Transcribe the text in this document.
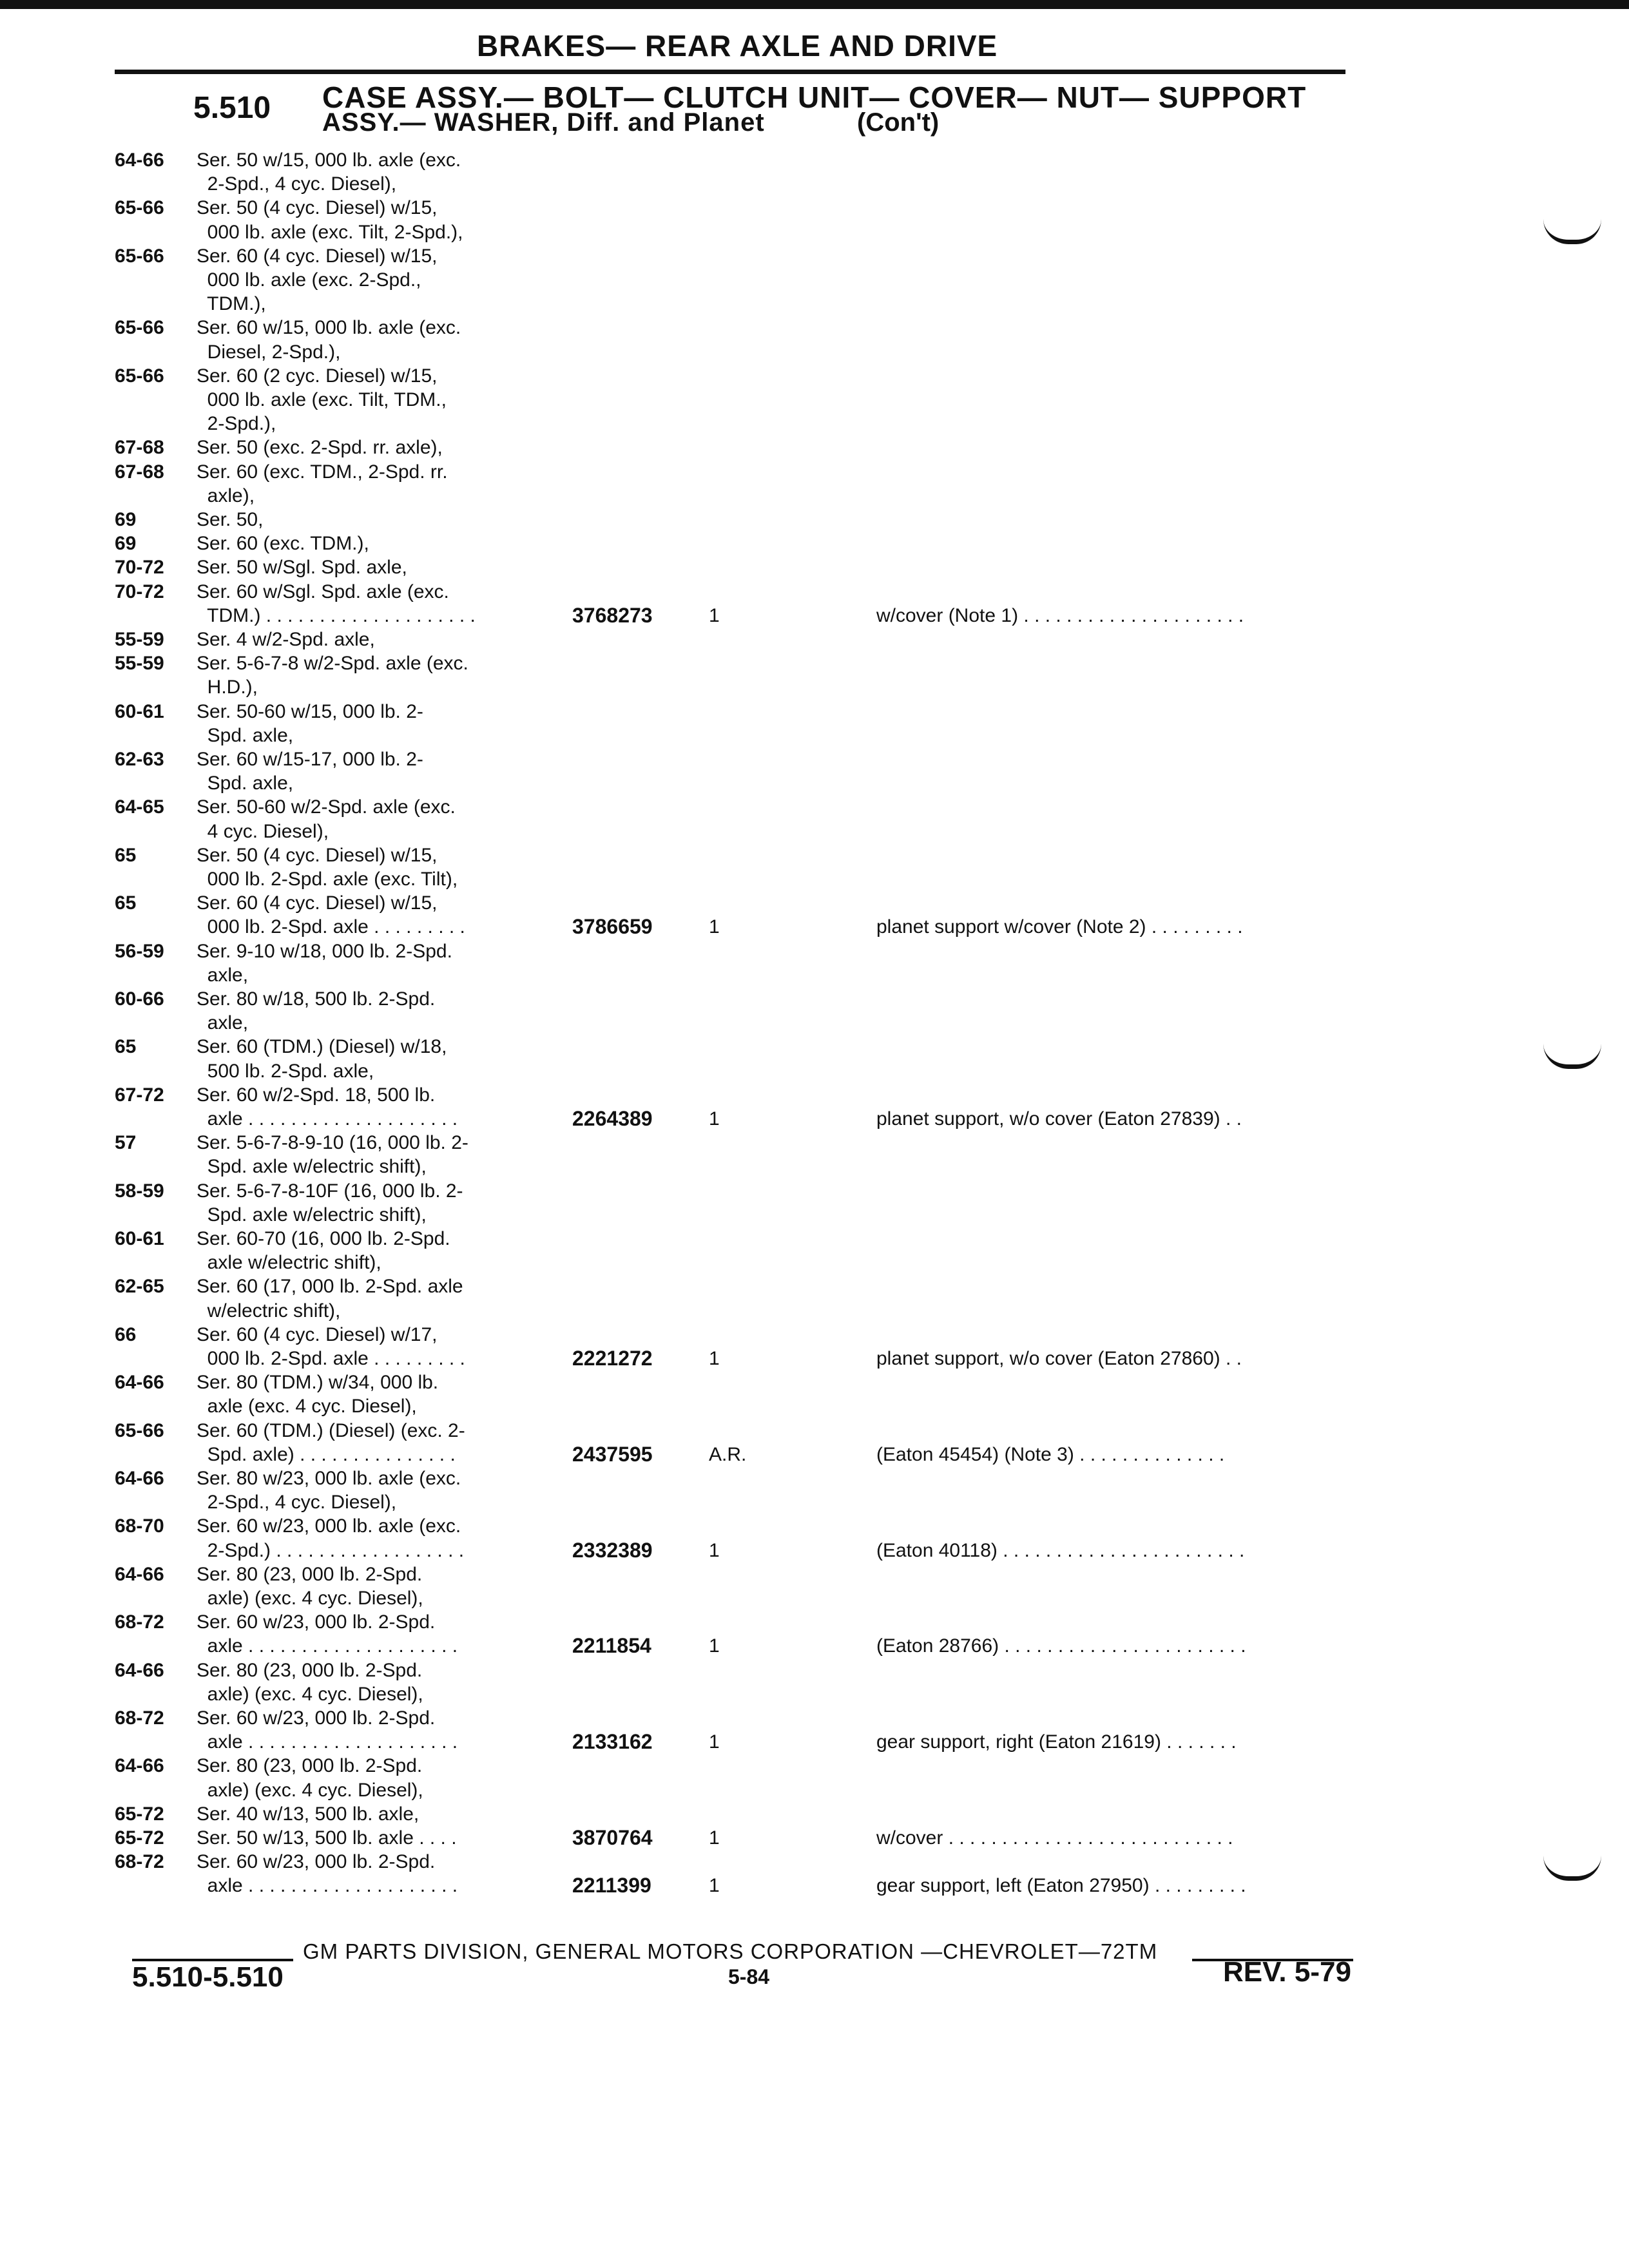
BRAKES— REAR AXLE AND DRIVE
5.510 CASE ASSY.— BOLT— CLUTCH UNIT— COVER— NUT— SUPPORT
ASSY.— WASHER, Diff. and Planet	(Con't)
64-66 Ser. 50 w/15, 000 lb. axle (exc.
2-Spd., 4 cyc. Diesel),
65-66 Ser. 50 (4 cyc. Diesel) w/15,
000 lb. axle (exc. Tilt, 2-Spd.),
65-66 Ser. 60 (4 cyc. Diesel) w/15,
000 lb. axle (exc. 2-Spd.,
TDM.),
65-66 Ser. 60 w/15, 000 lb. axle (exc.
Diesel, 2-Spd.),
65-66 Ser. 60 (2 cyc. Diesel) w/15,
000 lb. axle (exc. Tilt, TDM.,
2-Spd.),
67-68 Ser. 50 (exc. 2-Spd. rr. axle),
67-68 Ser. 60 (exc. TDM., 2-Spd. rr.
axle),
69	Ser. 50,
69	Ser. 60 (exc. TDM.),
70-72 Ser. 50 w/Sgl. Spd. axle,
70-72 Ser. 60 w/Sgl. Spd. axle (exc.
TDM.) . . . . . . . . . . . . . . . . . . . .	3768273	1	w/cover (Note 1) . . . . . . . . . . . . . . . . . . . . .
55-59 Ser. 4 w/2-Spd. axle,
55-59 Ser. 5-6-7-8 w/2-Spd. axle (exc.
H.D.),
60-61 Ser. 50-60 w/15, 000 lb. 2-
Spd. axle,
62-63 Ser. 60 w/15-17, 000 lb. 2-
Spd. axle,
64-65 Ser. 50-60 w/2-Spd. axle (exc.
4 cyc. Diesel),
65	Ser. 50 (4 cyc. Diesel) w/15,
000 lb. 2-Spd. axle (exc. Tilt),
65	Ser. 60 (4 cyc. Diesel) w/15,
000 lb. 2-Spd. axle . . . . . . . . .	3786659	1	planet support w/cover (Note 2) . . . . . . . . .
56-59 Ser. 9-10 w/18, 000 lb. 2-Spd.
axle,
60-66 Ser. 80 w/18, 500 lb. 2-Spd.
axle,
65	Ser. 60 (TDM.) (Diesel) w/18,
500 lb. 2-Spd. axle,
67-72 Ser. 60 w/2-Spd. 18, 500 lb.
axle . . . . . . . . . . . . . . . . . . . .	2264389	1	planet support, w/o cover (Eaton 27839) . .
57	Ser. 5-6-7-8-9-10 (16, 000 lb. 2-
Spd. axle w/electric shift),
58-59 Ser. 5-6-7-8-10F (16, 000 lb. 2-
Spd. axle w/electric shift),
60-61 Ser. 60-70 (16, 000 lb. 2-Spd.
axle w/electric shift),
62-65 Ser. 60 (17, 000 lb. 2-Spd. axle
w/electric shift),
66	Ser. 60 (4 cyc. Diesel) w/17,
000 lb. 2-Spd. axle . . . . . . . . .	2221272	1	planet support, w/o cover (Eaton 27860) . .
64-66 Ser. 80 (TDM.) w/34, 000 lb.
axle (exc. 4 cyc. Diesel),
65-66 Ser. 60 (TDM.) (Diesel) (exc. 2-
Spd. axle) . . . . . . . . . . . . . . .	2437595	A.R.	(Eaton 45454) (Note 3) . . . . . . . . . . . . . .
64-66 Ser. 80 w/23, 000 lb. axle (exc.
2-Spd., 4 cyc. Diesel),
68-70 Ser. 60 w/23, 000 lb. axle (exc.
2-Spd.) . . . . . . . . . . . . . . . . . .	2332389	1	(Eaton 40118) . . . . . . . . . . . . . . . . . . . . . . .
64-66 Ser. 80 (23, 000 lb. 2-Spd.
axle) (exc. 4 cyc. Diesel),
68-72 Ser. 60 w/23, 000 lb. 2-Spd.
axle . . . . . . . . . . . . . . . . . . . .	2211854	1	(Eaton 28766) . . . . . . . . . . . . . . . . . . . . . . .
64-66 Ser. 80 (23, 000 lb. 2-Spd.
axle) (exc. 4 cyc. Diesel),
68-72 Ser. 60 w/23, 000 lb. 2-Spd.
axle . . . . . . . . . . . . . . . . . . . .	2133162	1	gear support, right (Eaton 21619) . . . . . . .
64-66 Ser. 80 (23, 000 lb. 2-Spd.
axle) (exc. 4 cyc. Diesel),
65-72 Ser. 40 w/13, 500 lb. axle,
65-72 Ser. 50 w/13, 500 lb. axle . . . .	3870764	1	w/cover . . . . . . . . . . . . . . . . . . . . . . . . . . .
68-72 Ser. 60 w/23, 000 lb. 2-Spd.
axle . . . . . . . . . . . . . . . . . . . .	2211399	1	gear support, left (Eaton 27950) . . . . . . . . .
GM PARTS DIVISION, GENERAL MOTORS CORPORATION —CHEVROLET—72TM
5.510-5.510	5-84	REV. 5-79
